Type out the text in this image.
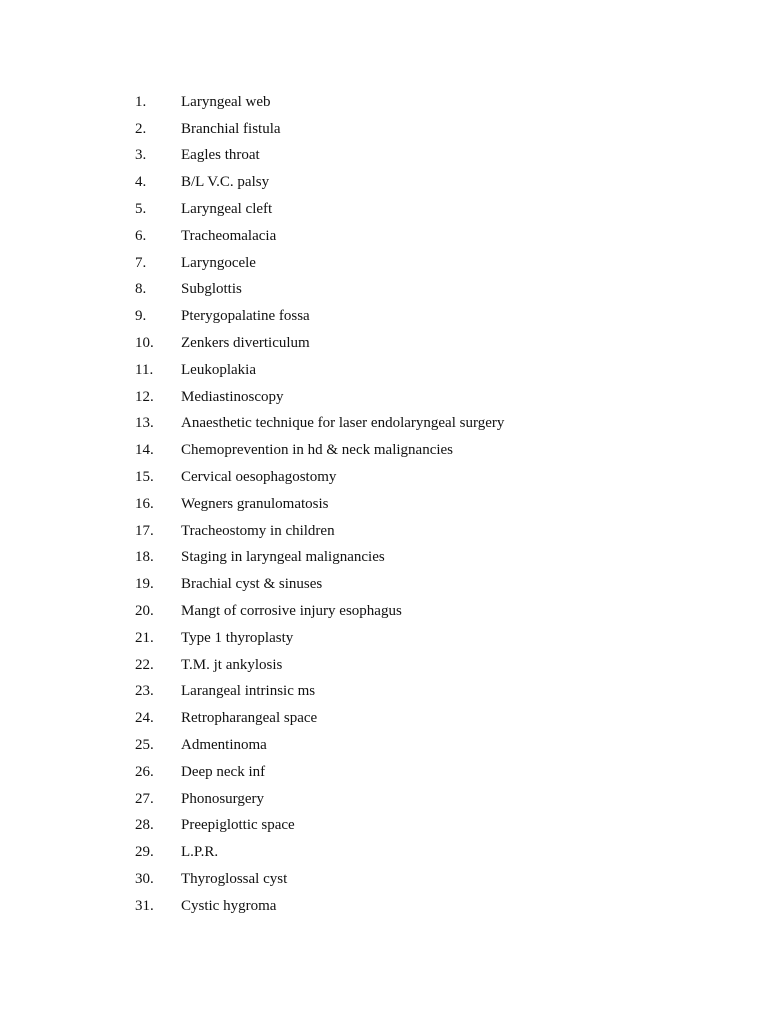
1.	Laryngeal web
2.	Branchial fistula
3.	Eagles throat
4.	B/L V.C. palsy
5.	Laryngeal cleft
6.	Tracheomalacia
7.	Laryngocele
8.	Subglottis
9.	Pterygopalatine fossa
10.	Zenkers diverticulum
11.	Leukoplakia
12.	Mediastinoscopy
13.	Anaesthetic technique for laser endolaryngeal surgery
14.	Chemoprevention in hd & neck malignancies
15.	Cervical oesophagostomy
16.	Wegners granulomatosis
17.	Tracheostomy in children
18.	Staging in laryngeal malignancies
19.	Brachial cyst & sinuses
20.	Mangt of corrosive injury esophagus
21.	Type 1 thyroplasty
22.	T.M. jt ankylosis
23.	Larangeal intrinsic ms
24.	Retropharangeal space
25.	Admentinoma
26.	Deep neck inf
27.	Phonosurgery
28.	Preepiglottic space
29.	L.P.R.
30.	Thyroglossal cyst
31.	Cystic hygroma
